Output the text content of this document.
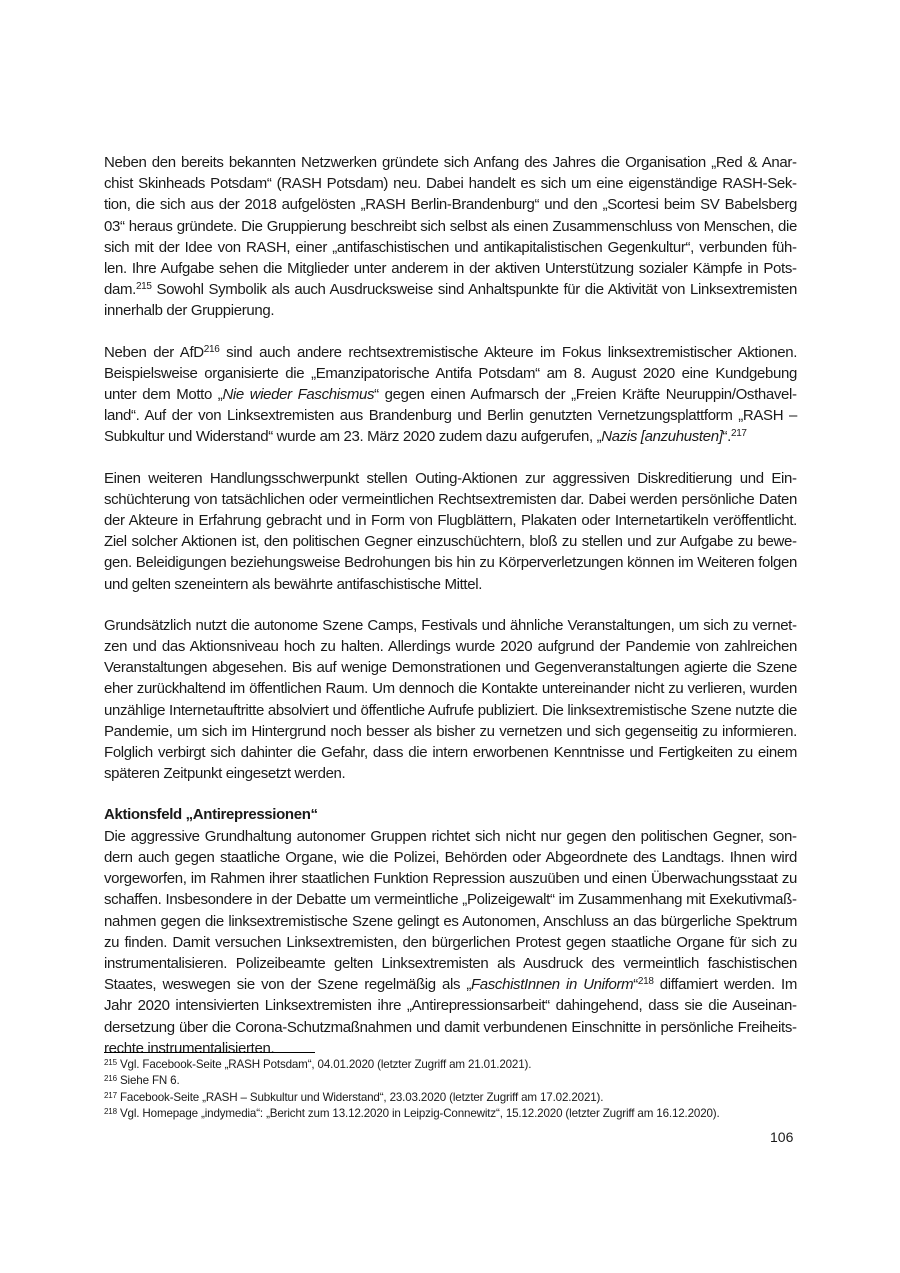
Neben den bereits bekannten Netzwerken gründete sich Anfang des Jahres die Organisation „Red & Anarchist Skinheads Potsdam“ (RASH Potsdam) neu. Dabei handelt es sich um eine eigenständige RASH-Sektion, die sich aus der 2018 aufgelösten „RASH Berlin-Brandenburg“ und den „Scortesi beim SV Babelsberg 03“ heraus gründete. Die Gruppierung beschreibt sich selbst als einen Zusammenschluss von Menschen, die sich mit der Idee von RASH, einer „antifaschistischen und antikapitalistischen Gegenkultur“, verbunden fühlen. Ihre Aufgabe sehen die Mitglieder unter anderem in der aktiven Unterstützung sozialer Kämpfe in Potsdam.$^{215}$ Sowohl Symbolik als auch Ausdrucksweise sind Anhaltspunkte für die Aktivität von Linksextremisten innerhalb der Gruppierung.

Neben der AfD$^{216}$ sind auch andere rechtsextremistische Akteure im Fokus linksextremistischer Aktionen. Beispielsweise organisierte die „Emanzipatorische Antifa Potsdam“ am 8. August 2020 eine Kundgebung unter dem Motto „Nie wieder Faschismus“ gegen einen Aufmarsch der „Freien Kräfte Neuruppin/Osthavelland“. Auf der von Linksextremisten aus Brandenburg und Berlin genutzten Vernetzungsplattform „RASH – Subkultur und Widerstand“ wurde am 23. März 2020 zudem dazu aufgerufen, „Nazis [anzuhusten]“.$^{217}$

Einen weiteren Handlungsschwerpunkt stellen Outing-Aktionen zur aggressiven Diskreditierung und Einschüchterung von tatsächlichen oder vermeintlichen Rechtsextremisten dar. Dabei werden persönliche Daten der Akteure in Erfahrung gebracht und in Form von Flugblättern, Plakaten oder Internetartikeln veröffentlicht. Ziel solcher Aktionen ist, den politischen Gegner einzuschüchtern, bloß zu stellen und zur Aufgabe zu bewegen. Beleidigungen beziehungsweise Bedrohungen bis hin zu Körperverletzungen können im Weiteren folgen und gelten szeneintern als bewährte antifaschistische Mittel.

Grundsätzlich nutzt die autonome Szene Camps, Festivals und ähnliche Veranstaltungen, um sich zu vernetzen und das Aktionsniveau hoch zu halten. Allerdings wurde 2020 aufgrund der Pandemie von zahlreichen Veranstaltungen abgesehen. Bis auf wenige Demonstrationen und Gegenveranstaltungen agierte die Szene eher zurückhaltend im öffentlichen Raum. Um dennoch die Kontakte untereinander nicht zu verlieren, wurden unzählige Internetauftritte absolviert und öffentliche Aufrufe publiziert. Die linksextremistische Szene nutzte die Pandemie, um sich im Hintergrund noch besser als bisher zu vernetzen und sich gegenseitig zu informieren. Folglich verbirgt sich dahinter die Gefahr, dass die intern erworbenen Kenntnisse und Fertigkeiten zu einem späteren Zeitpunkt eingesetzt werden.

Aktionsfeld „Antirepressionen“

Die aggressive Grundhaltung autonomer Gruppen richtet sich nicht nur gegen den politischen Gegner, sondern auch gegen staatliche Organe, wie die Polizei, Behörden oder Abgeordnete des Landtags. Ihnen wird vorgeworfen, im Rahmen ihrer staatlichen Funktion Repression auszuüben und einen Überwachungsstaat zu schaffen. Insbesondere in der Debatte um vermeintliche „Polizeigewalt“ im Zusammenhang mit Exekutivmaßnahmen gegen die linksextremistische Szene gelingt es Autonomen, Anschluss an das bürgerliche Spektrum zu finden. Damit versuchen Linksextremisten, den bürgerlichen Protest gegen staatliche Organe für sich zu instrumentalisieren. Polizeibeamte gelten Linksextremisten als Ausdruck des vermeintlich faschistischen Staates, weswegen sie von der Szene regelmäßig als „FaschistInnen in Uniform“$^{218}$ diffamiert werden. Im Jahr 2020 intensivierten Linksextremisten ihre „Antirepressionsarbeit“ dahingehend, dass sie die Auseinandersetzung über die Corona-Schutzmaßnahmen und damit verbundenen Einschnitte in persönliche Freiheitsrechte instrumentalisierten.

$^{215}$ Vgl. Facebook-Seite „RASH Potsdam“, 04.01.2020 (letzter Zugriff am 21.01.2021).

$^{216}$ Siehe FN 6.

$^{217}$ Facebook-Seite „RASH – Subkultur und Widerstand“, 23.03.2020 (letzter Zugriff am 17.02.2021).

$^{218}$ Vgl. Homepage „indymedia“: „Bericht zum 13.12.2020 in Leipzig-Connewitz“, 15.12.2020 (letzter Zugriff am 16.12.2020).

106
